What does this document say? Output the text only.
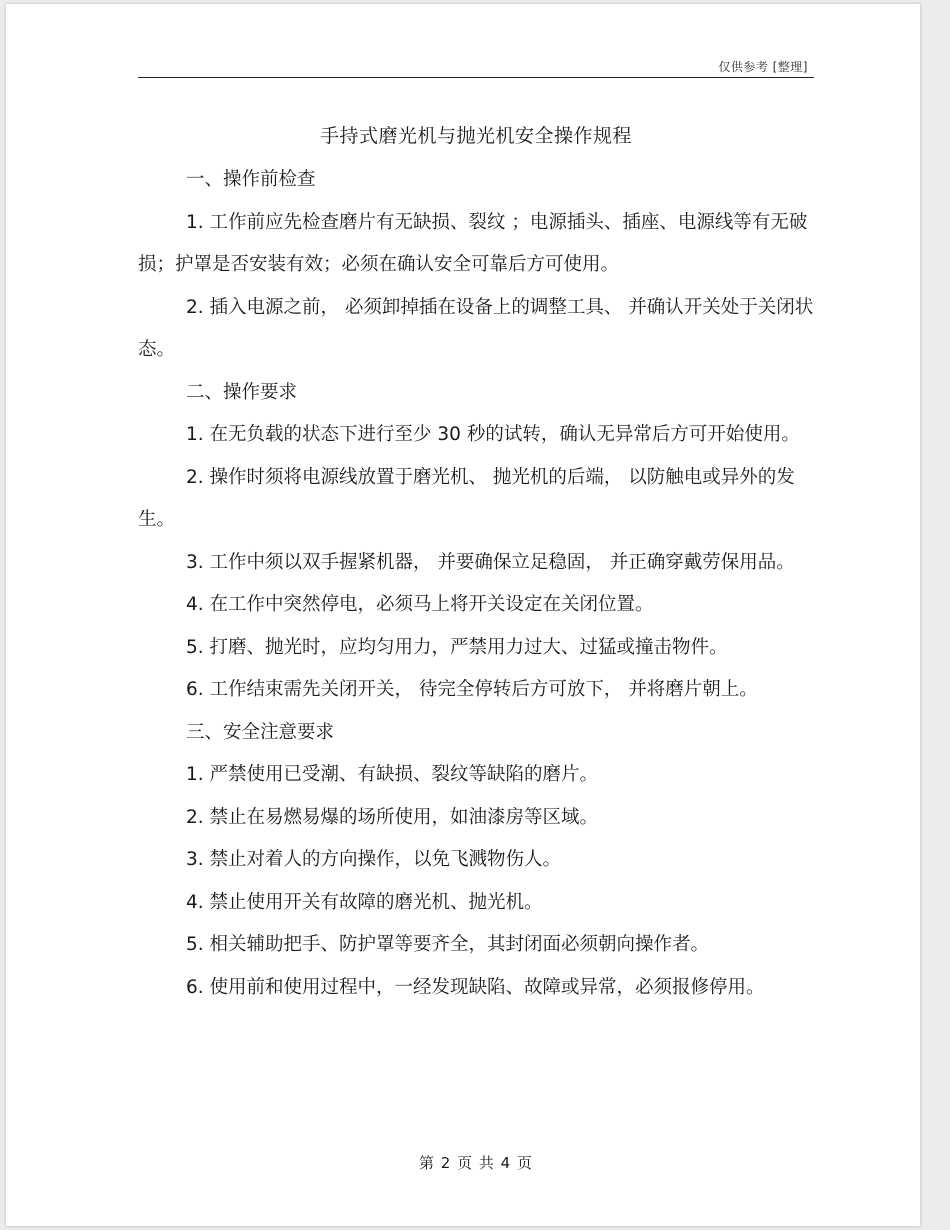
仅供参考 [整理]
手持式磨光机与抛光机安全操作规程

一、操作前检查

1. 工作前应先检查磨片有无缺损、裂纹 ；电源插头、插座、电源线等有无破损；护罩是否安装有效；必须在确认安全可靠后方可使用。

2. 插入电源之前， 必须卸掉插在设备上的调整工具、 并确认开关处于关闭状态。

二、操作要求

1. 在无负载的状态下进行至少 30 秒的试转，确认无异常后方可开始使用。

2. 操作时须将电源线放置于磨光机、 抛光机的后端， 以防触电或异外的发生。

3. 工作中须以双手握紧机器， 并要确保立足稳固， 并正确穿戴劳保用品。

4. 在工作中突然停电，必须马上将开关设定在关闭位置。

5. 打磨、抛光时，应均匀用力，严禁用力过大、过猛或撞击物件。

6. 工作结束需先关闭开关， 待完全停转后方可放下， 并将磨片朝上。

三、安全注意要求

1. 严禁使用已受潮、有缺损、裂纹等缺陷的磨片。

2. 禁止在易燃易爆的场所使用，如油漆房等区域。

3. 禁止对着人的方向操作，以免飞溅物伤人。

4. 禁止使用开关有故障的磨光机、抛光机。

5. 相关辅助把手、防护罩等要齐全，其封闭面必须朝向操作者。

6. 使用前和使用过程中，一经发现缺陷、故障或异常，必须报修停用。

第 2 页 共 4 页
